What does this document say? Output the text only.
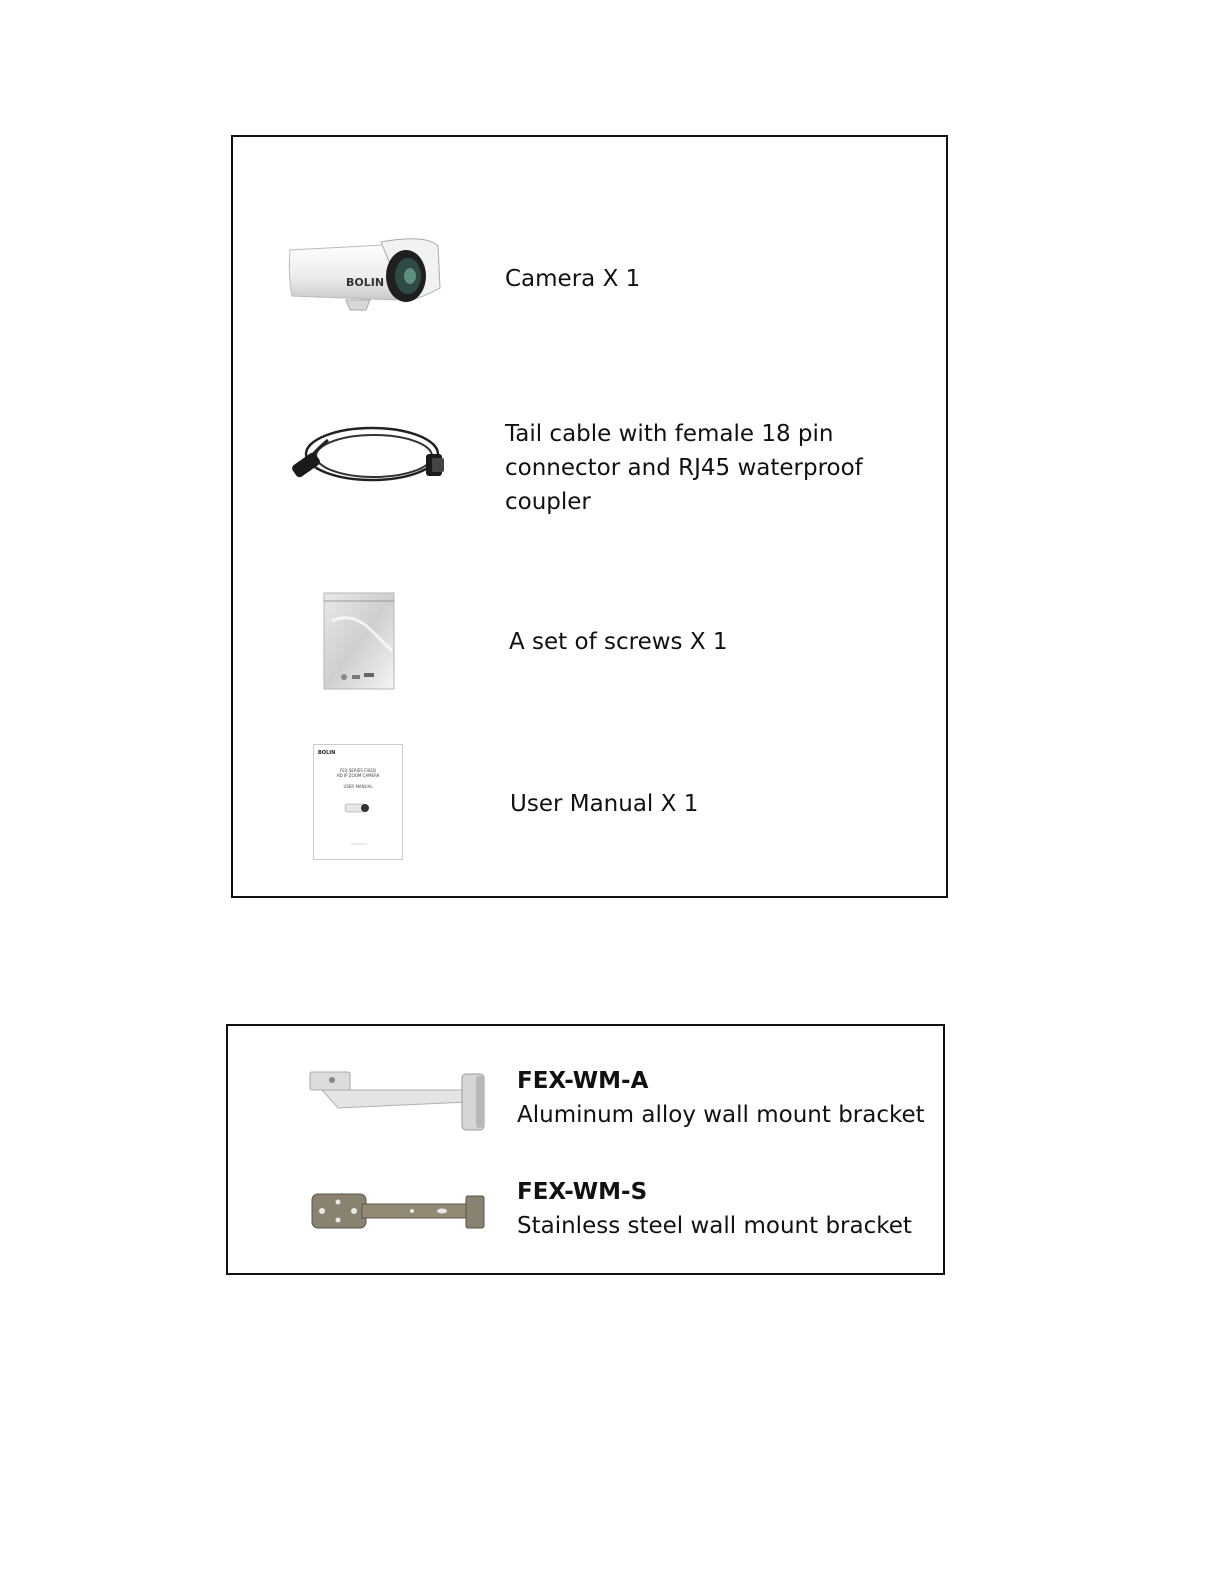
BOLIN	Camera X 1
Tail cable with female 18 pin
connector and RJ45 waterproof
coupler
A set of screws X 1
BOLIN
FEX SERIES FIXED
HD IP ZOOM CAMERA
USER MANUAL
User Manual X 1
FEX-WM-A
Aluminum alloy wall mount bracket
FEX-WM-S
Stainless steel wall mount bracket
